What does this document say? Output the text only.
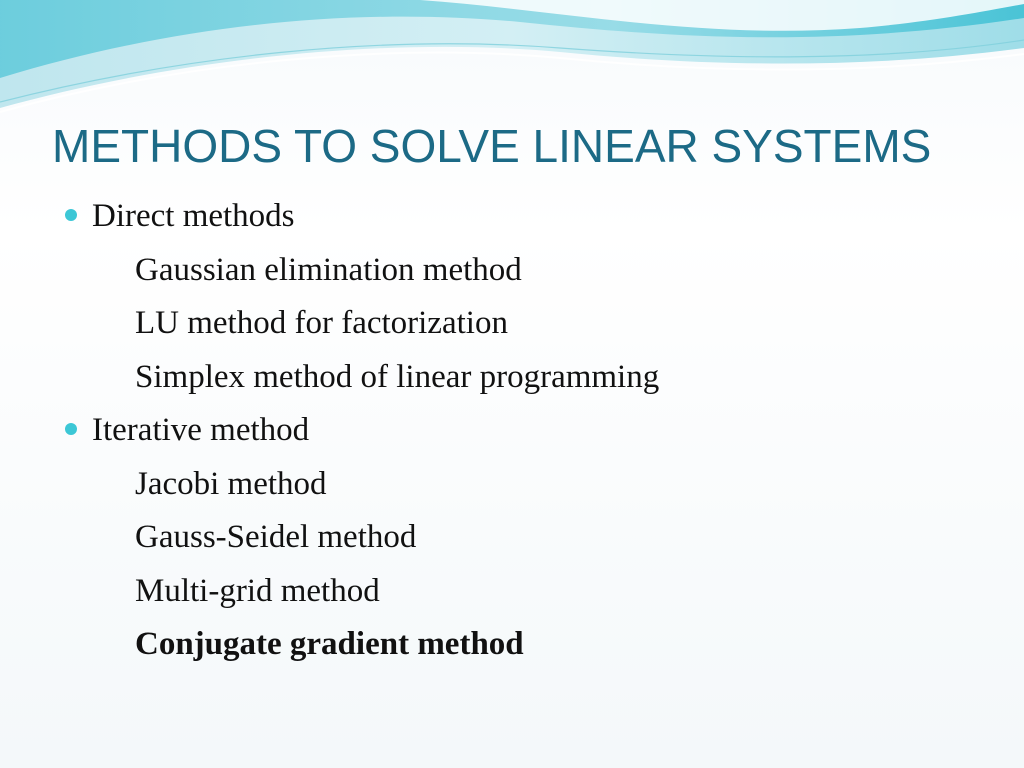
METHODS TO SOLVE LINEAR SYSTEMS
Direct methods
Gaussian elimination method
LU method for factorization
Simplex method of linear programming
Iterative method
Jacobi method
Gauss-Seidel method
Multi-grid method
Conjugate gradient method
